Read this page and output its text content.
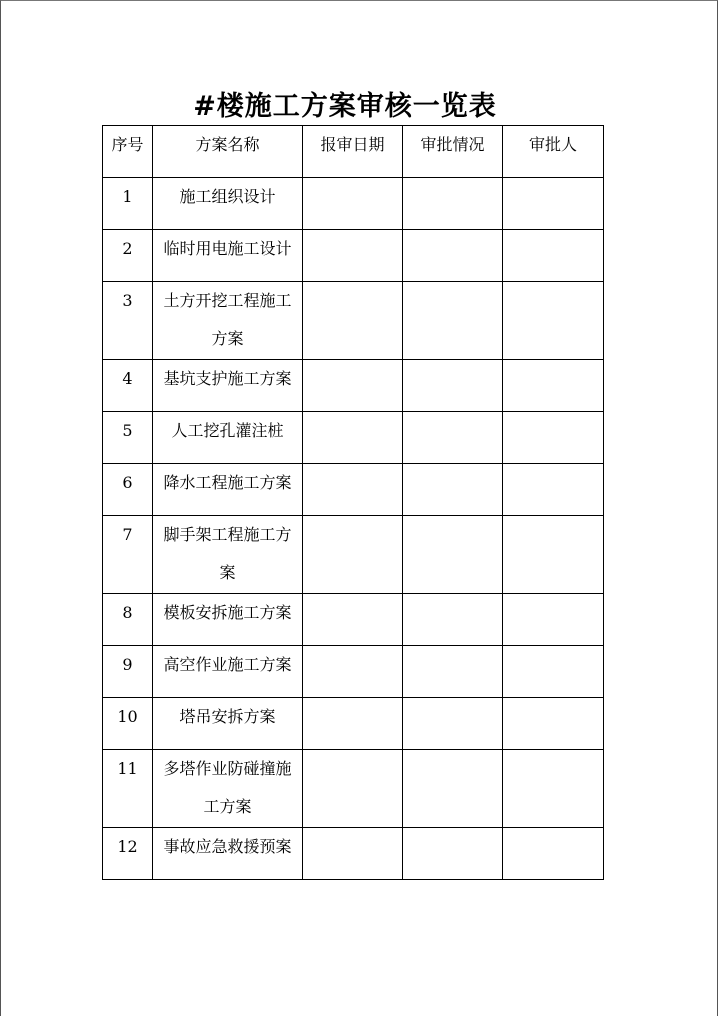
#楼施工方案审核一览表
序号	方案名称	报审日期	审批情况	审批人
1	施工组织设计			
2	临时用电施工设计			
3	土方开挖工程施工方案			
4	基坑支护施工方案			
5	人工挖孔灌注桩			
6	降水工程施工方案			
7	脚手架工程施工方案			
8	模板安拆施工方案			
9	高空作业施工方案			
10	塔吊安拆方案			
11	多塔作业防碰撞施工方案			
12	事故应急救援预案			
